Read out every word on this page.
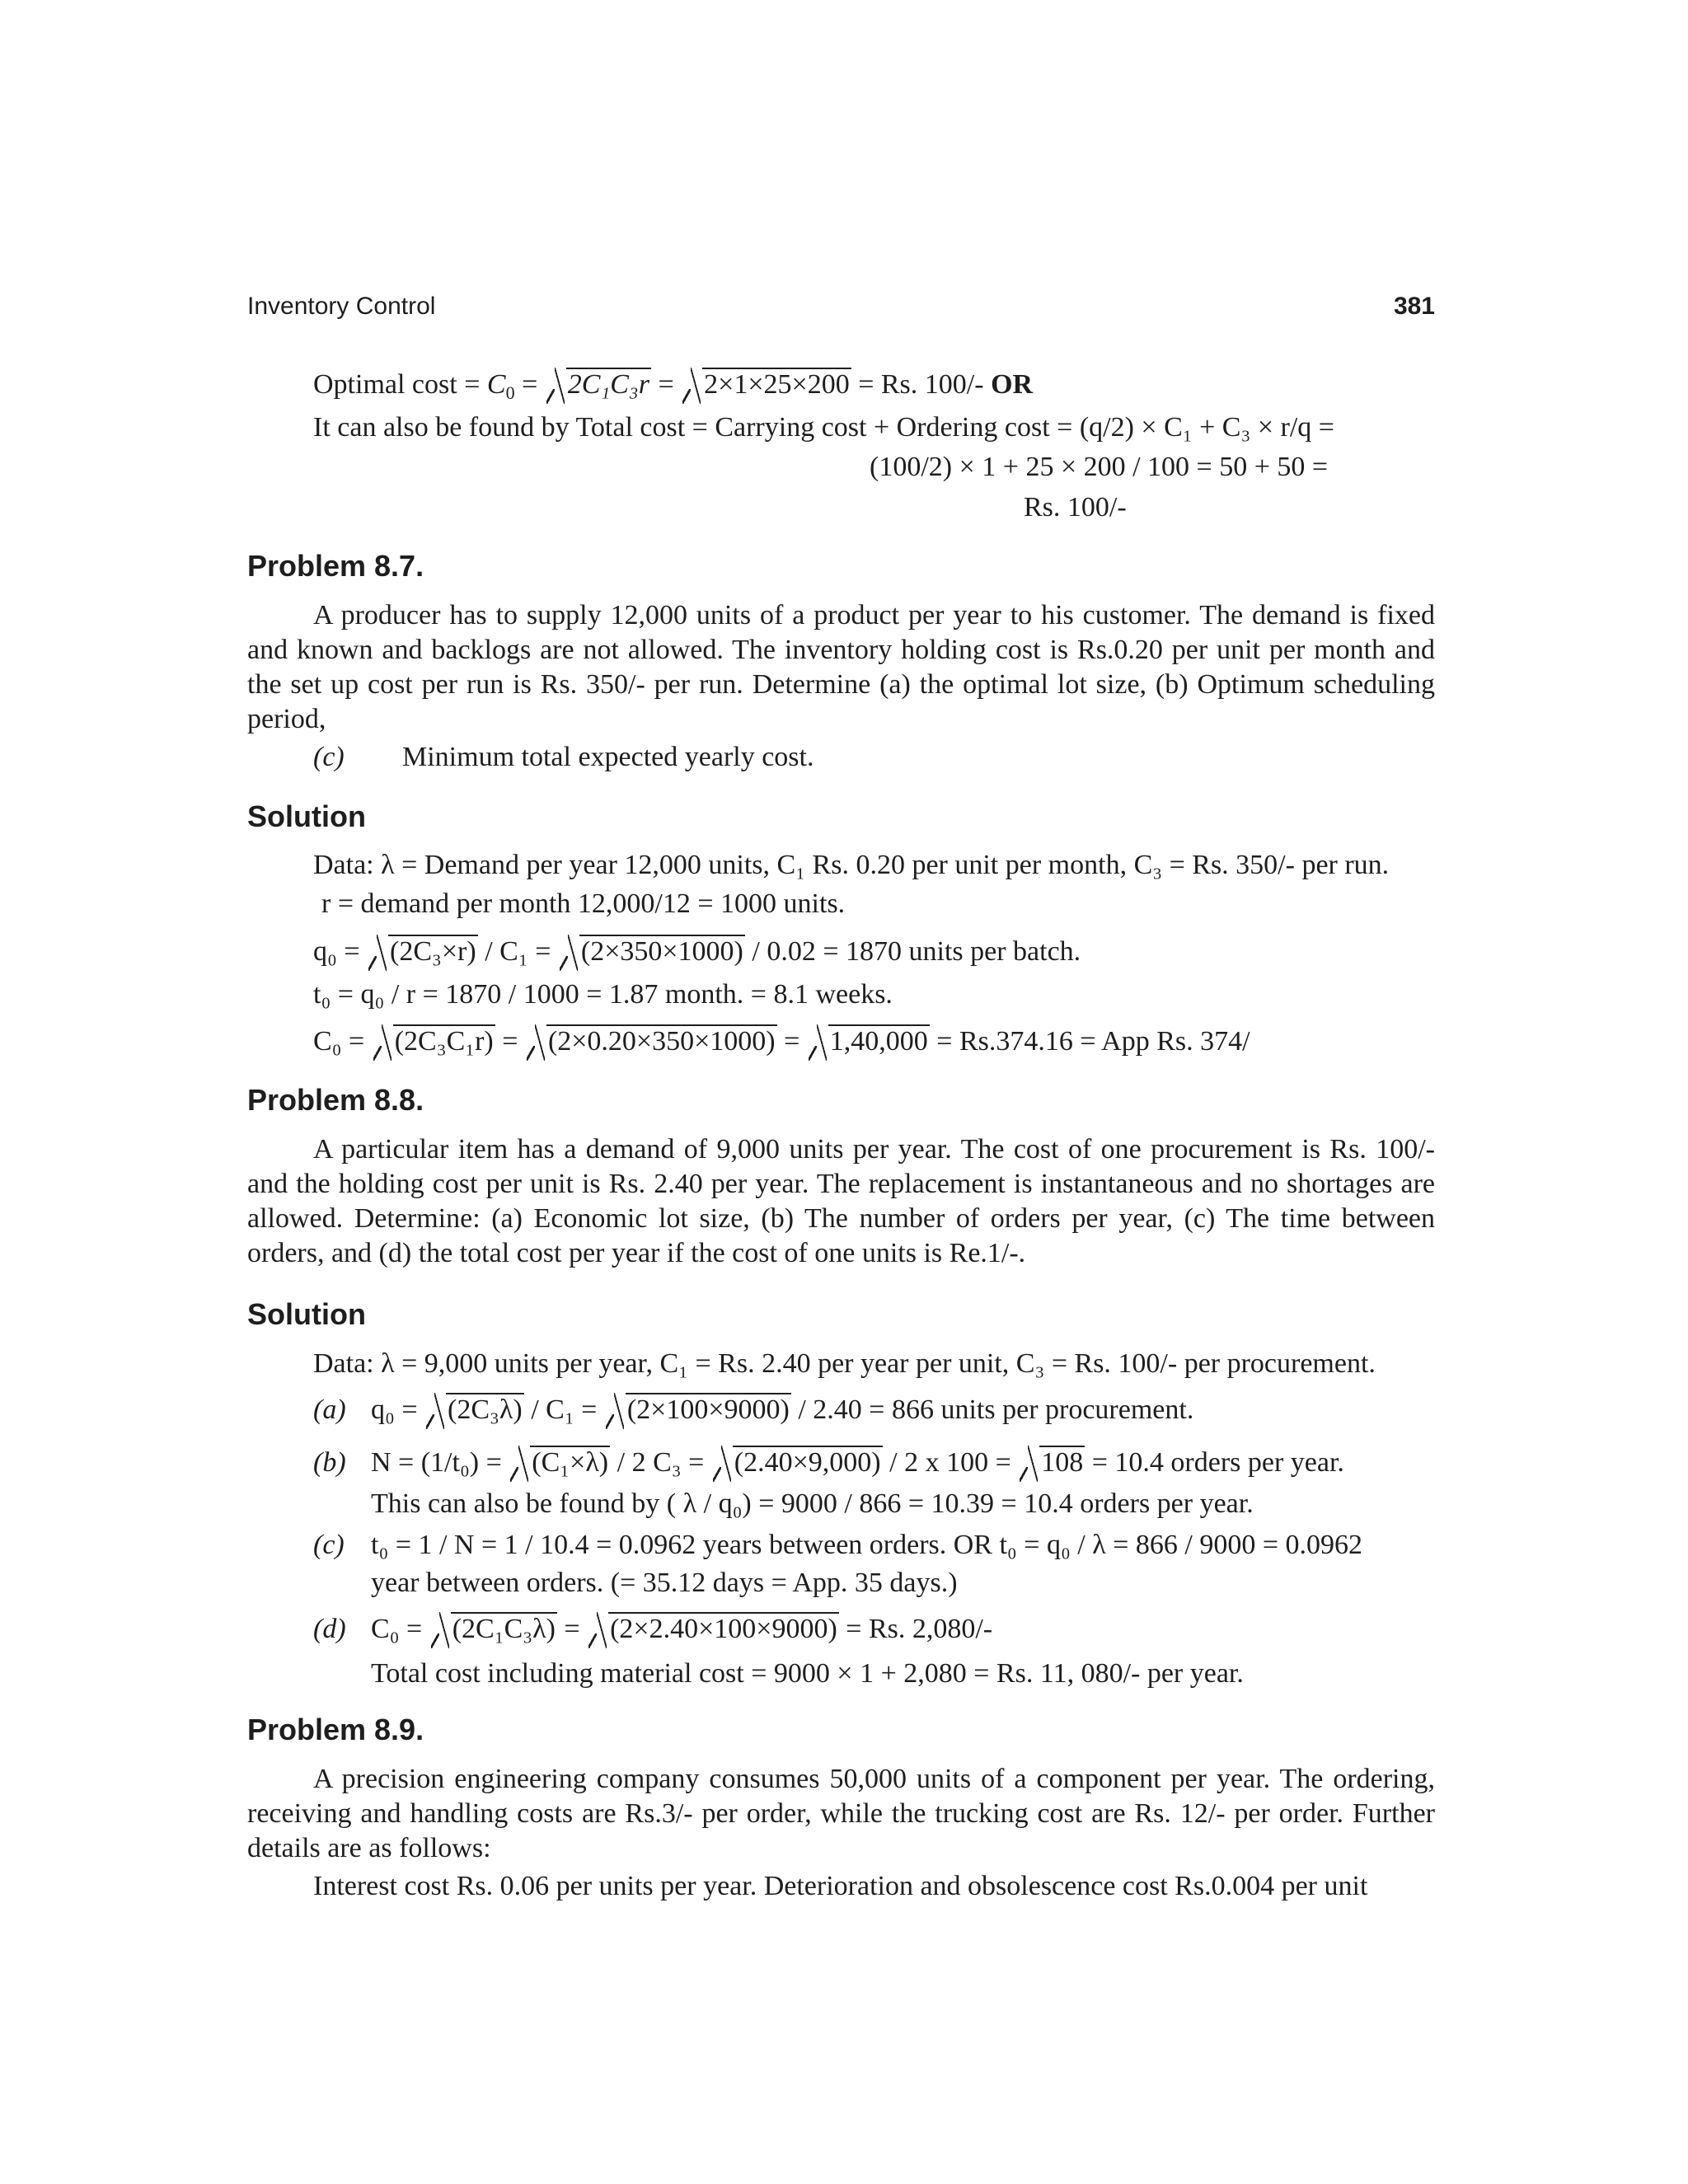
Inventory Control	381
Optimal $\cos t = C_0 = 2C_1C_3r = 2\times 1\times 25\times 200 = Rs$. 100/- OR
It can also be found by Total cost = Carrying cost + Ordering cost = (q/2) × C₁ + C₃ × r/q =
(100/2) × 1 + 25 × 200 / 100 = 50 + 50 =
Rs. 100/-
Problem 8.7.
A producer has to supply 12,000 units of a product per year to his customer. The demand is fixed and known and backlogs are not allowed. The inventory holding cost is Rs.0.20 per unit per month and the set up cost per run is Rs. 350/- per run. Determine (a) the optimal lot size, (b) Optimum scheduling period,
(c) Minimum total expected yearly cost.
Solution
Data: λ = Demand per year 12,000 units, C₁ Rs. 0.20 per unit per month, C₃ = Rs. 350/- per run.
r = demand per month 12,000/12 = 1000 units.
q₀ = (2C₃×r) / C₁ = (2×350×1000) / 0.02 = 1870 units per batch.
t₀ = q₀ / r = 1870 / 1000 = 1.87 month. = 8.1 weeks.
C₀ = (2C₃C₁r) = (2×0.20×350×1000) = 1,40,000 = Rs.374.16 = App Rs. 374/
Problem 8.8.
A particular item has a demand of 9,000 units per year. The cost of one procurement is Rs. 100/- and the holding cost per unit is Rs. 2.40 per year. The replacement is instantaneous and no shortages are allowed. Determine: (a) Economic lot size, (b) The number of orders per year, (c) The time between orders, and (d) the total cost per year if the cost of one units is Re.1/-.
Solution
Data: λ = 9,000 units per year, C₁ = Rs. 2.40 per year per unit, C₃ = Rs. 100/- per procurement.
(a) q₀ = (2C₃λ) / C₁ = (2×100×9000) / 2.40 = 866 units per procurement.
(b) N = (1/t₀) = (C₁×λ) / 2 C₃ = (2.40×9,000) / 2 x 100 = 108 = 10.4 orders per year.
This can also be found by ( λ / q₀) = 9000 / 866 = 10.39 = 10.4 orders per year.
(c) t₀ = 1 / N = 1 / 10.4 = 0.0962 years between orders. OR t₀ = q₀ / λ = 866 / 9000 = 0.0962
year between orders. (= 35.12 days = App. 35 days.)
(d) C₀ = (2C₁C₃λ) = (2×2.40×100×9000) = Rs. 2,080/-
Total cost including material cost = 9000 × 1 + 2,080 = Rs. 11, 080/- per year.
Problem 8.9.
A precision engineering company consumes 50,000 units of a component per year. The ordering, receiving and handling costs are Rs.3/- per order, while the trucking cost are Rs. 12/- per order. Further details are as follows:
Interest cost Rs. 0.06 per units per year. Deterioration and obsolescence cost Rs.0.004 per unit
